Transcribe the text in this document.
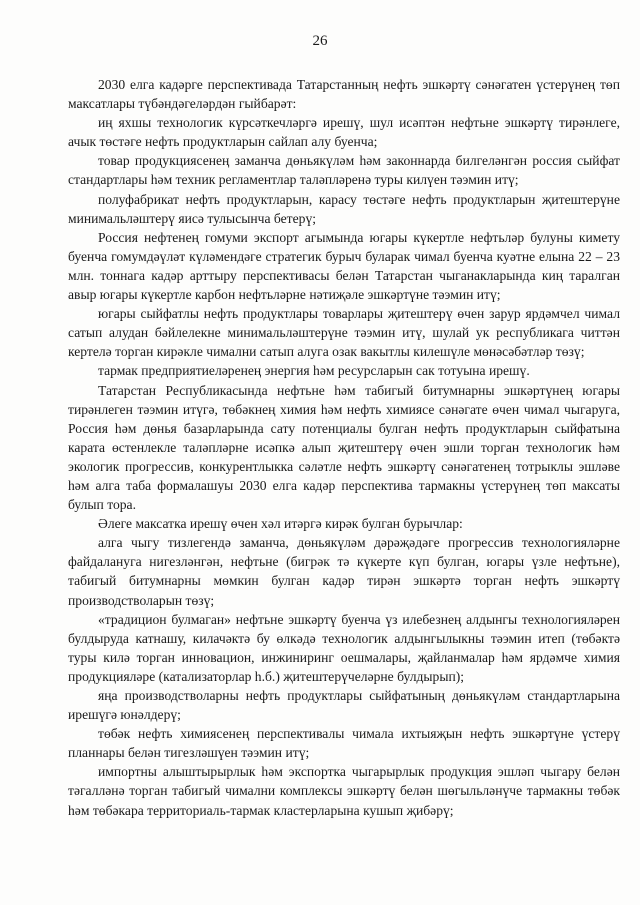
26

2030 елга кадәрге перспективада Татарстанның нефть эшкәртү сәнәгатен үстерүнең төп максатлары түбәндәгеләрдән гыйбарәт:

иң яхшы технологик күрсәткечләргә ирешү, шул исәптән нефтьне эшкәртү тирәнлеге, ачык төстәге нефть продуктларын сайлап алу буенча;

товар продукциясенең заманча дөньякүләм һәм законнарда билгеләнгән россия сыйфат стандартлары һәм техник регламентлар таләпләренә туры килүен тәэмин итү;

полуфабрикат нефть продуктларын, карасу төстәге нефть продуктларын җитештерүне минимальләштерү яисә тулысынча бетерү;

Россия нефтенең гомуми экспорт агымында югары күкертле нефтьләр булуны кимету буенча гомумдәүләт күләмендәге стратегик бурыч буларак чимал буенча куәтне елына 22 – 23 млн. тоннага кадәр арттыру перспективасы белән Татарстан чыганакларында киң таралган авыр югары күкертле карбон нефтьләрне нәтиҗәле эшкәртүне тәэмин итү;

югары сыйфатлы нефть продуктлары товарлары җитештерү өчен зарур ярдәмчел чимал сатып алудан бәйлелекне минимальләштерүне тәэмин итү, шулай ук республикага читтән кертелә торган кирәкле чимални сатып алуга озак вакытлы килешүле мөнәсәбәтләр төзү;

тармак предприятиеләренең энергия һәм ресурсларын сак тотуына ирешү.

Татарстан Республикасында нефтьне һәм табигый битумнарны эшкәртүнең югары тирәнлеген тәэмин итүгә, төбәкнең химия һәм нефть химиясе сәнәгате өчен чимал чыгаруга, Россия һәм дөнья базарларында сату потенциалы булган нефть продуктларын сыйфатына карата өстенлекле таләпләрне исәпкә алып җитештерү өчен эшли торган технологик һәм экологик прогрессив, конкурентлыкка сәләтле нефть эшкәртү сәнәгатенең тотрыклы эшләве һәм алга таба формалашуы 2030 елга кадәр перспектива тармакны үстерүнең төп максаты булып тора.

Әлеге максатка ирешү өчен хәл итәргә кирәк булган бурычлар:

алга чыгу тизлегендә заманча, дөньякүләм дәрәҗәдәге прогрессив технологияләрне файдалануга нигезләнгән, нефтьне (бигрәк тә күкерте күп булган, югары үзле нефтьне), табигый битумнарны мөмкин булган кадәр тирән эшкәртә торган нефть эшкәртү производстволарын төзү;

«традицион булмаган» нефтьне эшкәртү буенча үз илебезнең алдынгы технологияләрен булдыруда катнашу, килачәктә бу өлкәдә технологик алдынгылыкны тәэмин итеп (төбәктә туры килә торган инновацион, инжиниринг оешмалары, җайланмалар һәм ярдәмче химия продукцияләре (катализаторлар һ.б.) җитештерүчеләрне булдырып);

яңа производстволарны нефть продуктлары сыйфатының дөньякүләм стандартларына ирешүгә юнәлдерү;

төбәк нефть химиясенең перспективалы чимала ихтыяҗын нефть эшкәртүне үстерү планнары белән тигезләшүен тәэмин итү;

импортны алыштырырлык һәм экспортка чыгарырлык продукция эшләп чыгару белән тәгалләнә торган табигый чимални комплексы эшкәртү белән шөгыльләнүче тармакны төбәк һәм төбәкара территориаль-тармак кластерларына кушып җибәрү;
